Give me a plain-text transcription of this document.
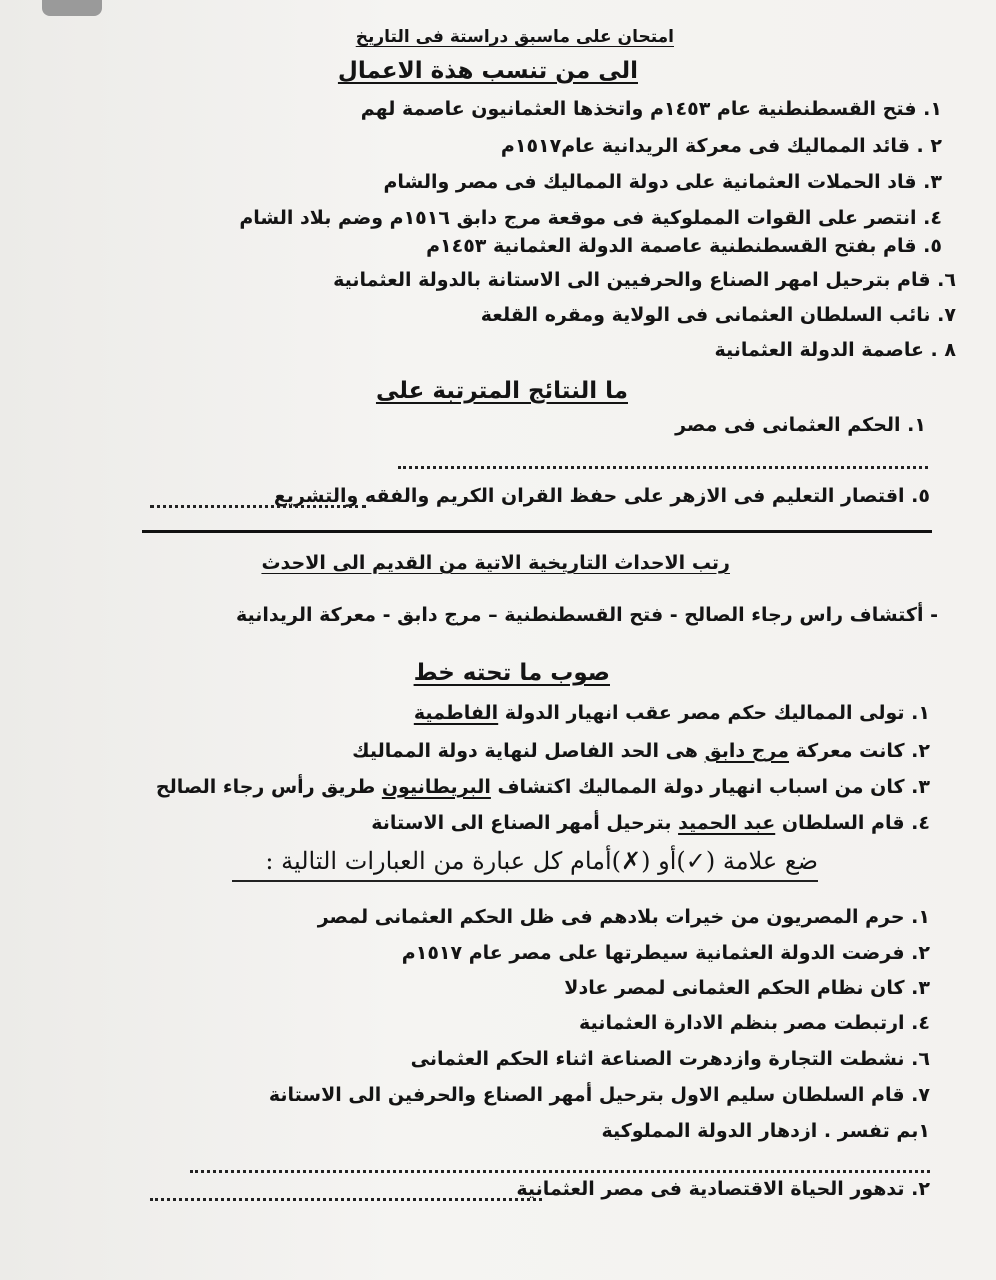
امتحان على ماسبق دراستة فى التاريخ
الى من تنسب هذة الاعمال
١. فتح القسطنطنية عام ١٤٥٣م واتخذها العثمانيون عاصمة لهم
٢ . قائد المماليك فى معركة الريدانية عام١٥١٧م
٣. قاد الحملات العثمانية على دولة المماليك فى مصر والشام
٤. انتصر على القوات المملوكية فى موقعة مرج دابق ١٥١٦م وضم بلاد الشام
٥. قام بفتح القسطنطنية عاصمة الدولة العثمانية ١٤٥٣م
٦. قام بترحيل امهر الصناع والحرفيين الى الاستانة بالدولة العثمانية
٧. نائب السلطان العثمانى فى الولاية ومقره القلعة
٨ . عاصمة الدولة العثمانية
ما النتائج المترتبة على
١. الحكم العثمانى فى مصر
٥. اقتصار التعليم فى الازهر على حفظ القران الكريم والفقه والتشريع
رتب الاحداث التاريخية الاتية من القديم الى الاحدث
- أكتشاف راس رجاء الصالح - فتح القسطنطنية – مرج دابق - معركة الريدانية
صوب ما تحته خط
١. تولى المماليك حكم مصر عقب انهيار الدولة الفاطمية
٢. كانت معركة مرج دابق هى الحد الفاصل لنهاية دولة المماليك
٣. كان من اسباب انهيار دولة المماليك اكتشاف البريطانيون طريق رأس رجاء الصالح
٤. قام السلطان عبد الحميد بترحيل أمهر الصناع الى الاستانة
ضع علامة (✓)أو (✗)أمام كل عبارة من العبارات التالية :
١. حرم المصريون من خيرات بلادهم فى ظل الحكم العثمانى لمصر
٢. فرضت الدولة العثمانية سيطرتها على مصر عام ١٥١٧م
٣. كان نظام الحكم العثمانى لمصر عادلا
٤. ارتبطت مصر بنظم الادارة العثمانية
٦. نشطت التجارة وازدهرت الصناعة اثناء الحكم العثمانى
٧. قام السلطان سليم الاول بترحيل أمهر الصناع والحرفين الى الاستانة
١بم تفسر . ازدهار الدولة المملوكية
٢. تدهور الحياة الاقتصادية فى مصر العثمانية
